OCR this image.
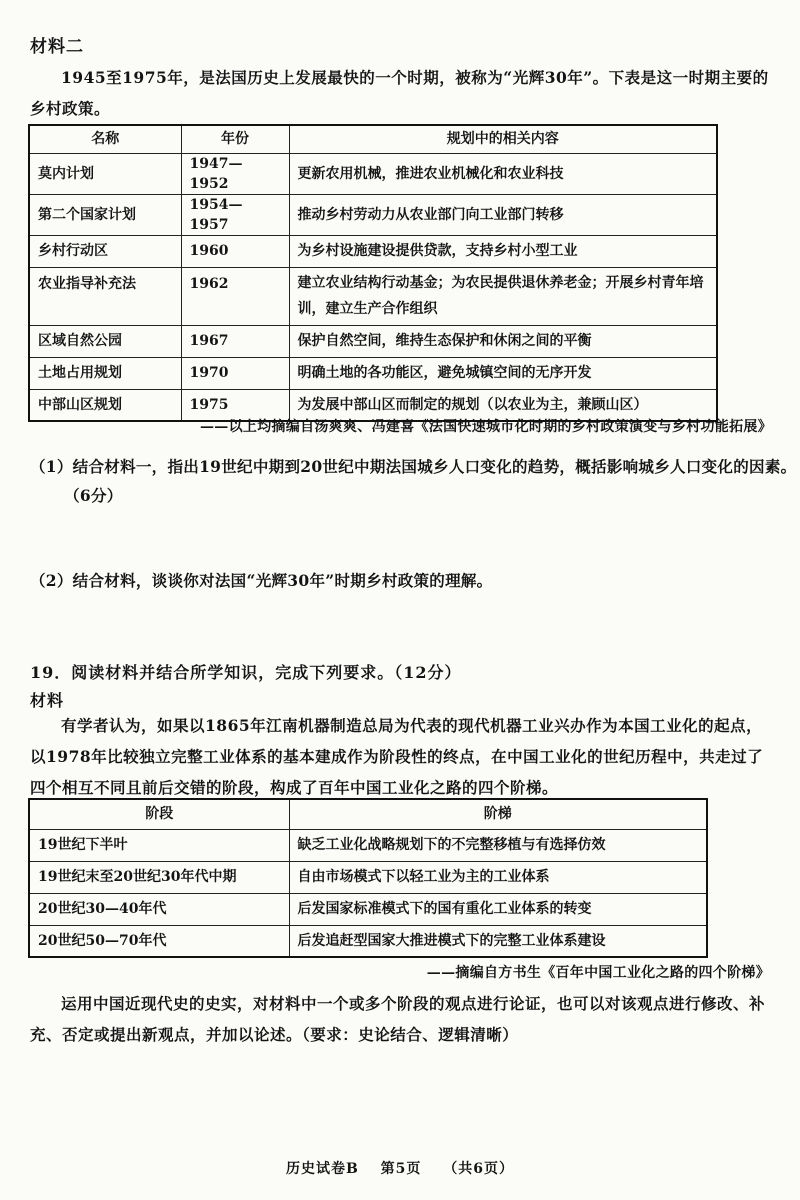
材料二
1945至1975年，是法国历史上发展最快的一个时期，被称为“光辉30年”。下表是这一时期主要的乡村政策。
名称	年份	规划中的相关内容
莫内计划	1947—1952	更新农用机械，推进农业机械化和农业科技
第二个国家计划	1954—1957	推动乡村劳动力从农业部门向工业部门转移
乡村行动区	1960	为乡村设施建设提供贷款，支持乡村小型工业
农业指导补充法	1962	建立农业结构行动基金；为农民提供退休养老金；开展乡村青年培训，建立生产合作组织
区域自然公园	1967	保护自然空间，维持生态保护和休闲之间的平衡
土地占用规划	1970	明确土地的各功能区，避免城镇空间的无序开发
中部山区规划	1975	为发展中部山区而制定的规划（以农业为主，兼顾山区）
——以上均摘编自汤爽爽、冯建喜《法国快速城市化时期的乡村政策演变与乡村功能拓展》
（1）结合材料一，指出19世纪中期到20世纪中期法国城乡人口变化的趋势，概括影响城乡人口变化的因素。（6分）
（2）结合材料，谈谈你对法国“光辉30年”时期乡村政策的理解。
19．阅读材料并结合所学知识，完成下列要求。（12分）
材料
有学者认为，如果以1865年江南机器制造总局为代表的现代机器工业兴办作为本国工业化的起点，以1978年比较独立完整工业体系的基本建成作为阶段性的终点，在中国工业化的世纪历程中，共走过了四个相互不同且前后交错的阶段，构成了百年中国工业化之路的四个阶梯。
阶段	阶梯
19世纪下半叶	缺乏工业化战略规划下的不完整移植与有选择仿效
19世纪末至20世纪30年代中期	自由市场模式下以轻工业为主的工业体系
20世纪30—40年代	后发国家标准模式下的国有重化工业体系的转变
20世纪50—70年代	后发追赶型国家大推进模式下的完整工业体系建设
——摘编自方书生《百年中国工业化之路的四个阶梯》
运用中国近现代史的史实，对材料中一个或多个阶段的观点进行论证，也可以对该观点进行修改、补充、否定或提出新观点，并加以论述。（要求：史论结合、逻辑清晰）
历史试卷B 第5页 （共6页）
